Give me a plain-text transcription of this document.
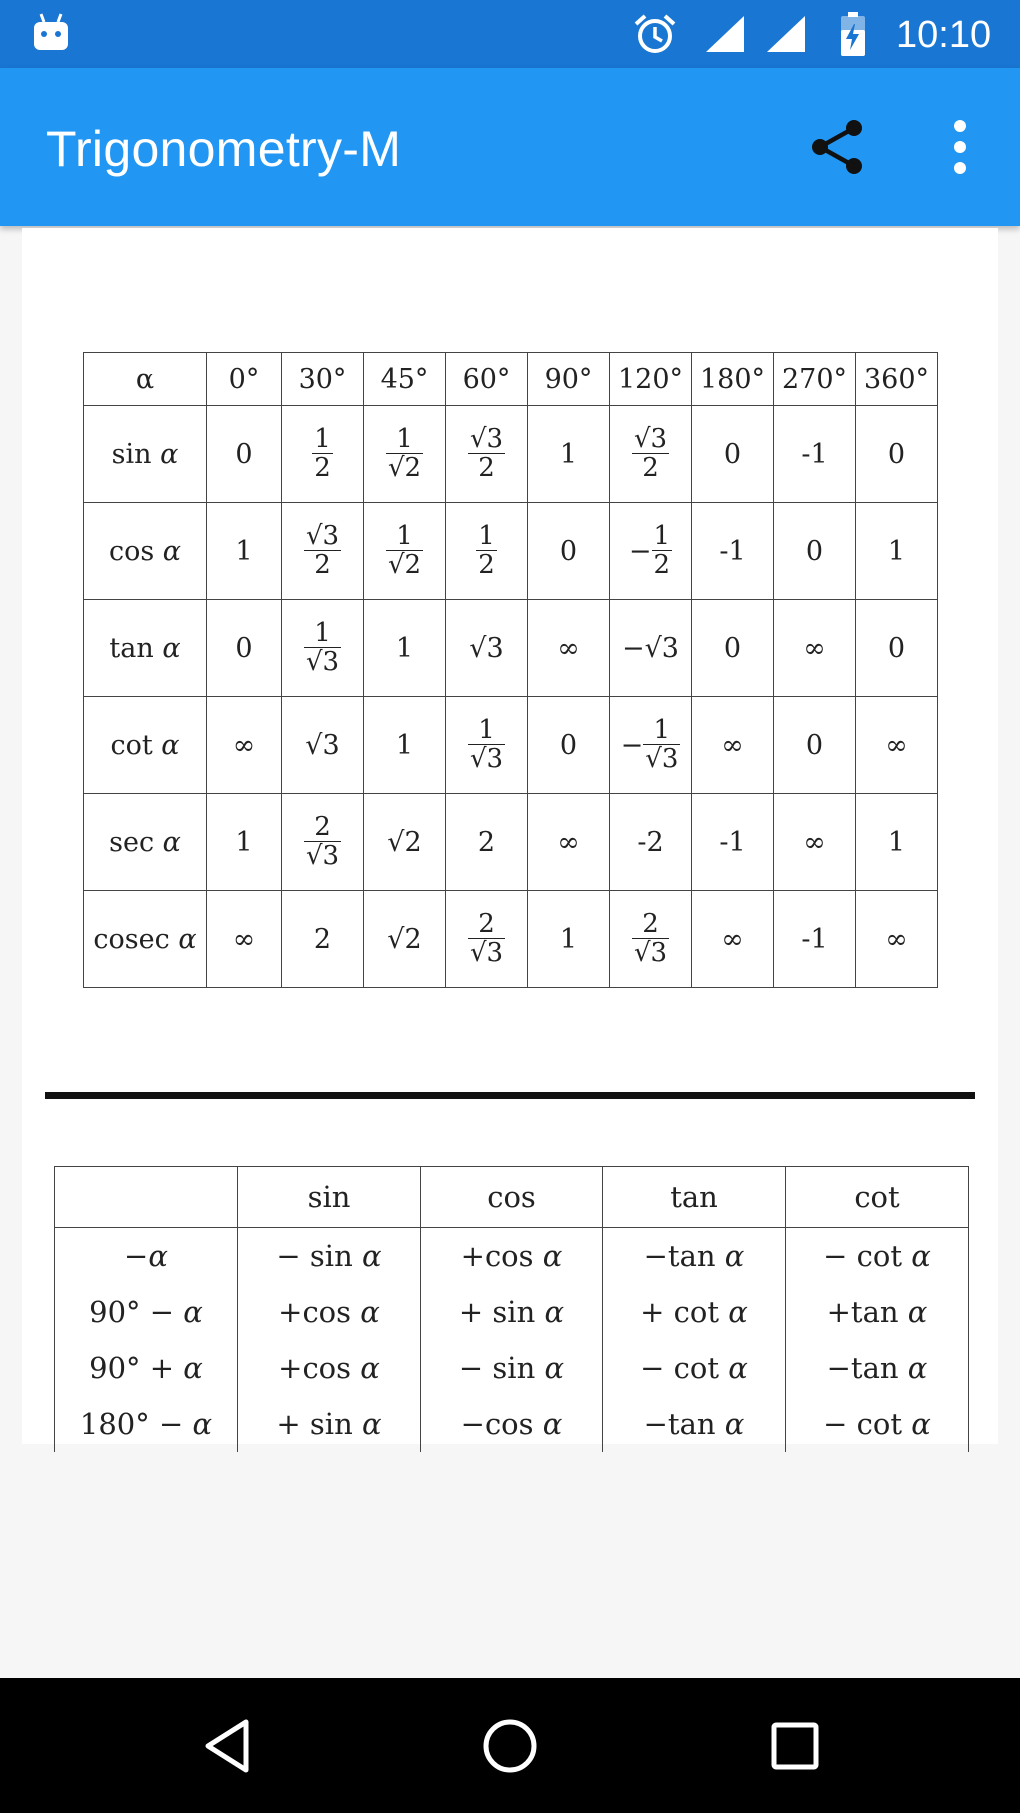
10:10
Trigonometry-M
α	0°	30°	45°	60°	90°	120°	180°	270°	360°
sin α	0	$\frac{1}{2}$	$\frac{1}{√2}$	$\frac{√3}{2}$	1	$\frac{√3}{2}$	0	-1	0
cos α	1	$\frac{√3}{2}$	$\frac{1}{√2}$	$\frac{1}{2}$	0	− $\frac{1}{2}$	-1	0	1
tan α	0	$\frac{1}{√3}$	1	√3	∞	−√3	0	∞	0
cot α	∞	√3	1	$\frac{1}{√3}$	0	− $\frac{1}{√3}$	∞	0	∞
sec α	1	$\frac{2}{√3}$	√2	2	∞	-2	-1	∞	1
cosec α	∞	2	√2	$\frac{2}{√3}$	1	$\frac{2}{√3}$	∞	-1	∞
	sin	cos	tan	cot
−α	− sin α	+cos α	−tan α	− cot α
90° − α	+cos α	+ sin α	+ cot α	+tan α
90° + α	+cos α	− sin α	− cot α	−tan α
180° − α	+ sin α	−cos α	−tan α	− cot α
